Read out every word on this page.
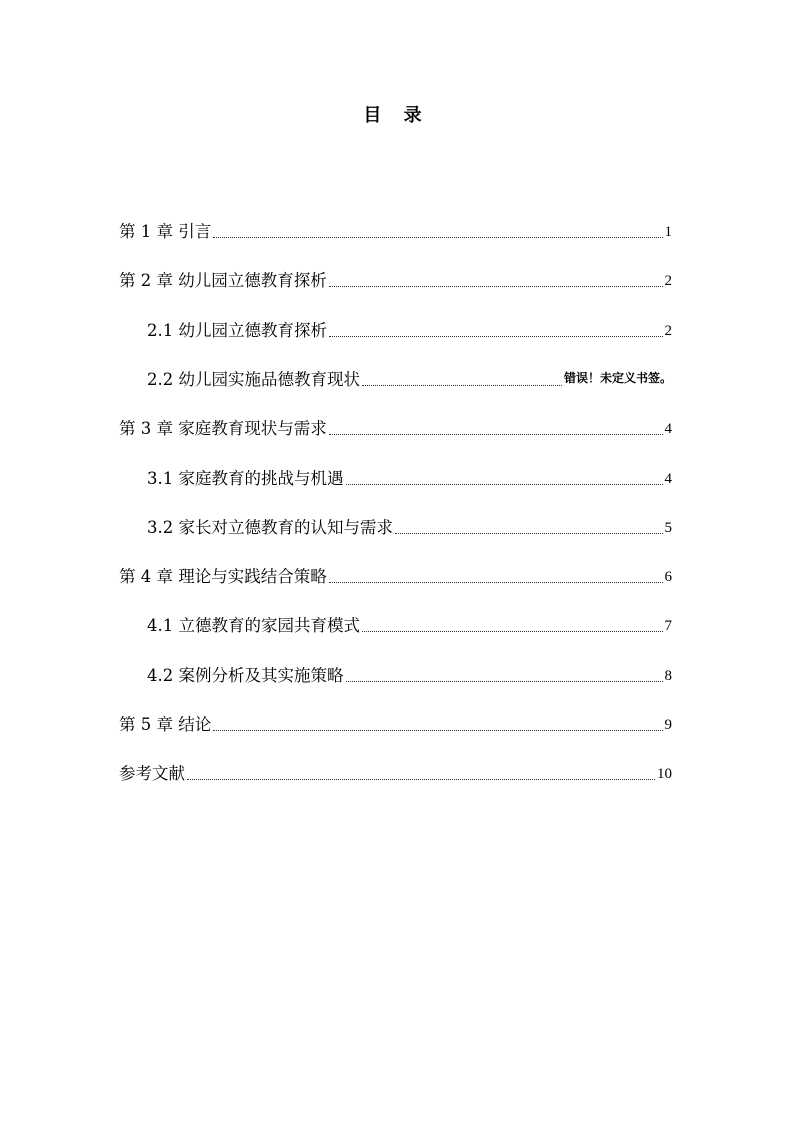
目 录
第 1 章 引言	1
第 2 章 幼儿园立德教育探析	2
2.1 幼儿园立德教育探析	2
2.2 幼儿园实施品德教育现状	错误！未定义书签。
第 3 章 家庭教育现状与需求	4
3.1 家庭教育的挑战与机遇	4
3.2 家长对立德教育的认知与需求	5
第 4 章 理论与实践结合策略	6
4.1 立德教育的家园共育模式	7
4.2 案例分析及其实施策略	8
第 5 章 结论	9
参考文献	10
